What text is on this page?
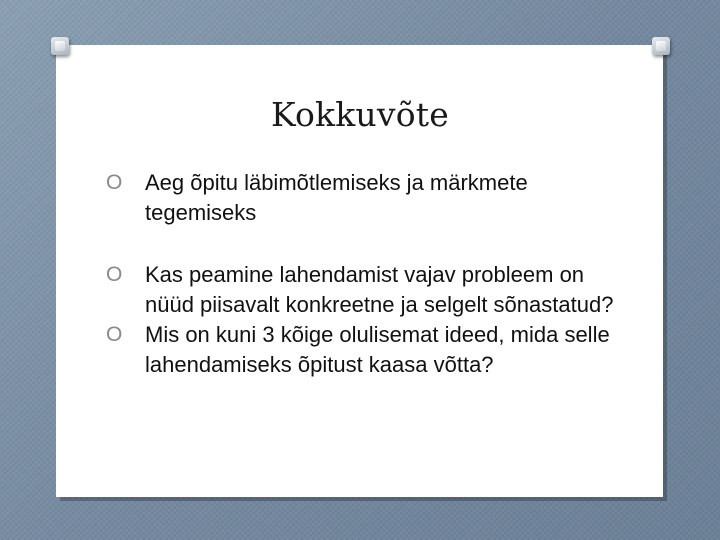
Kokkuvõte
O Aeg õpitu läbimõtlemiseks ja märkmete tegemiseks
O Kas peamine lahendamist vajav probleem on nüüd piisavalt konkreetne ja selgelt sõnastatud?
O Mis on kuni 3 kõige olulisemat ideed, mida selle lahendamiseks õpitust kaasa võtta?
